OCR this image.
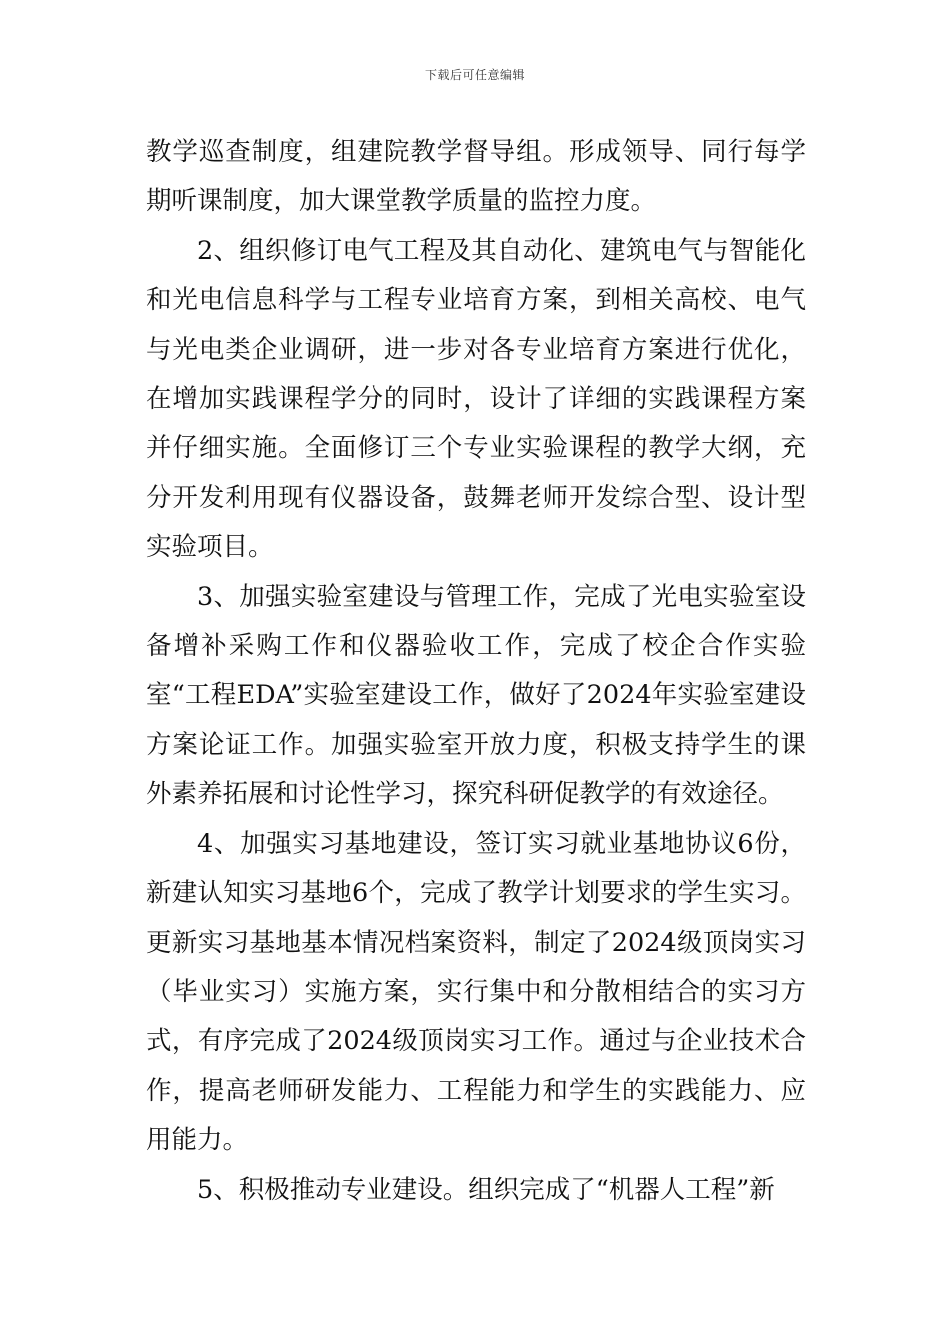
下载后可任意编辑

教学巡查制度，组建院教学督导组。形成领导、同行每学期听课制度，加大课堂教学质量的监控力度。

2、组织修订电气工程及其自动化、建筑电气与智能化和光电信息科学与工程专业培育方案，到相关高校、电气与光电类企业调研，进一步对各专业培育方案进行优化，在增加实践课程学分的同时，设计了详细的实践课程方案并仔细实施。全面修订三个专业实验课程的教学大纲，充分开发利用现有仪器设备，鼓舞老师开发综合型、设计型实验项目。

3、加强实验室建设与管理工作，完成了光电实验室设备增补采购工作和仪器验收工作，完成了校企合作实验室“工程EDA”实验室建设工作，做好了2024年实验室建设方案论证工作。加强实验室开放力度，积极支持学生的课外素养拓展和讨论性学习，探究科研促教学的有效途径。

4、加强实习基地建设，签订实习就业基地协议6份，新建认知实习基地6个，完成了教学计划要求的学生实习。更新实习基地基本情况档案资料，制定了2024级顶岗实习（毕业实习）实施方案，实行集中和分散相结合的实习方式，有序完成了2024级顶岗实习工作。通过与企业技术合作，提高老师研发能力、工程能力和学生的实践能力、应用能力。

5、积极推动专业建设。组织完成了“机器人工程”新
